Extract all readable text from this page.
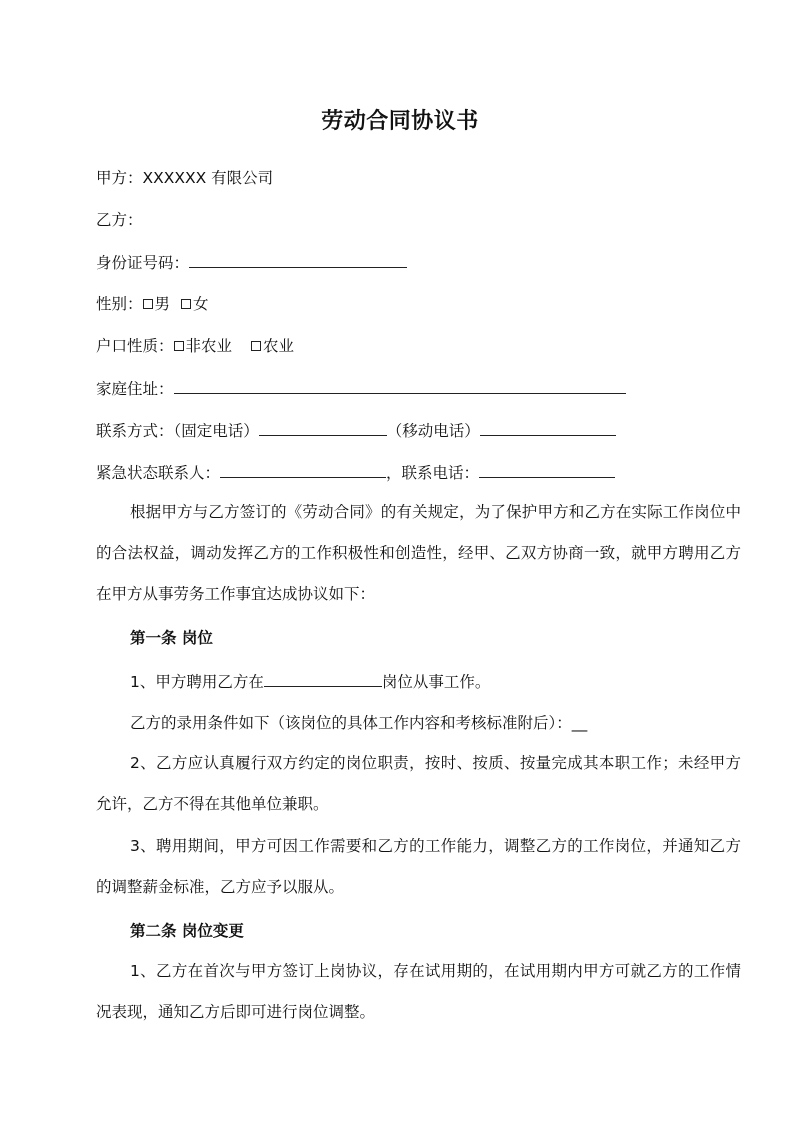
劳动合同协议书
甲方：XXXXXX 有限公司
乙方：
身份证号码：
性别： 男 女
户口性质： 非农业 农业
家庭住址：
联系方式：（固定电话）	（移动电话）
紧急状态联系人：	，联系电话：
根据甲方与乙方签订的《劳动合同》的有关规定，为了保护甲方和乙方在实际工作岗位中的合法权益，调动发挥乙方的工作积极性和创造性，经甲、乙双方协商一致，就甲方聘用乙方在甲方从事劳务工作事宜达成协议如下：
第一条 岗位
1、甲方聘用乙方在	岗位从事工作。
乙方的录用条件如下（该岗位的具体工作内容和考核标准附后）：__
2、乙方应认真履行双方约定的岗位职责，按时、按质、按量完成其本职工作；未经甲方允许，乙方不得在其他单位兼职。
3、聘用期间，甲方可因工作需要和乙方的工作能力，调整乙方的工作岗位，并通知乙方的调整薪金标准，乙方应予以服从。
第二条 岗位变更
1、乙方在首次与甲方签订上岗协议，存在试用期的，在试用期内甲方可就乙方的工作情况表现，通知乙方后即可进行岗位调整。
